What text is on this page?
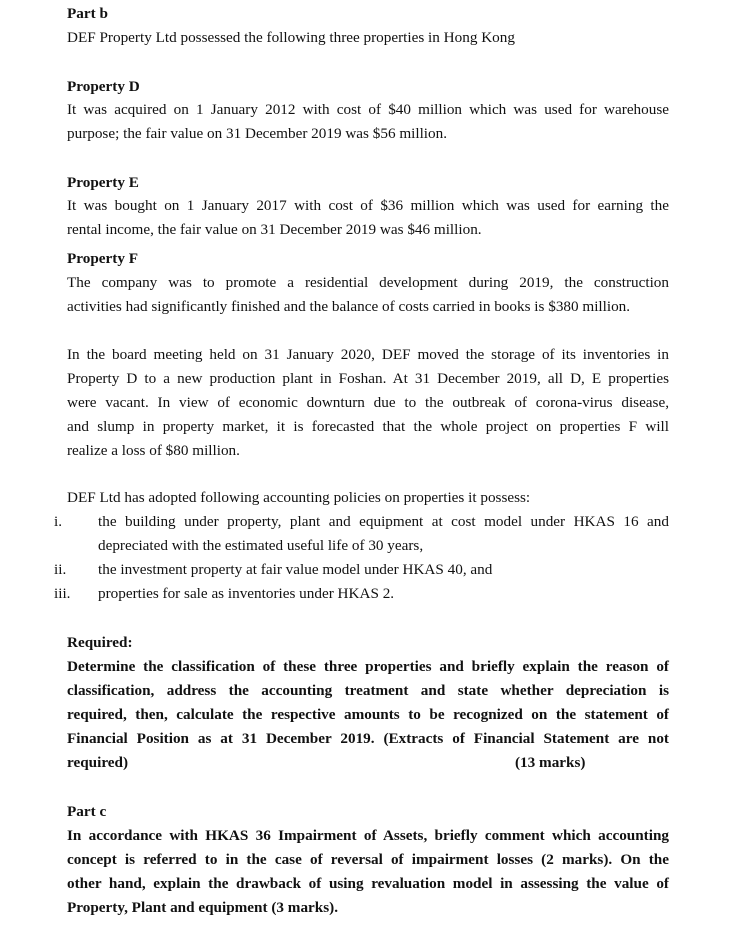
Part b
DEF Property Ltd possessed the following three properties in Hong Kong
Property D
It was acquired on 1 January 2012 with cost of $40 million which was used for warehouse
purpose; the fair value on 31 December 2019 was $56 million.
Property E
It was bought on 1 January 2017 with cost of $36 million which was used for earning the
rental income, the fair value on 31 December 2019 was $46 million.
Property F
The company was to promote a residential development during 2019, the construction
activities had significantly finished and the balance of costs carried in books is $380 million.
In the board meeting held on 31 January 2020, DEF moved the storage of its inventories in
Property D to a new production plant in Foshan. At 31 December 2019, all D, E properties
were vacant. In view of economic downturn due to the outbreak of corona-virus disease,
and slump in property market, it is forecasted that the whole project on properties F will
realize a loss of $80 million.
DEF Ltd has adopted following accounting policies on properties it possess:
i. the building under property, plant and equipment at cost model under HKAS 16 and
depreciated with the estimated useful life of 30 years,
ii. the investment property at fair value model under HKAS 40, and
iii. properties for sale as inventories under HKAS 2.
Required:
Determine the classification of these three properties and briefly explain the reason of
classification, address the accounting treatment and state whether depreciation is
required, then, calculate the respective amounts to be recognized on the statement of
Financial Position as at 31 December 2019. (Extracts of Financial Statement are not
required)	(13 marks)
Part c
In accordance with HKAS 36 Impairment of Assets, briefly comment which accounting
concept is referred to in the case of reversal of impairment losses (2 marks). On the
other hand, explain the drawback of using revaluation model in assessing the value of
Property, Plant and equipment (3 marks).
